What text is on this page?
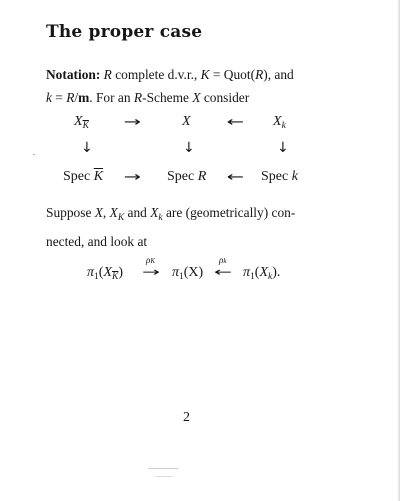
The proper case

Notation: R complete d.v.r., K = Quot(R), and
k = R/m. For an R-Scheme X consider

$X_{\overline{K}}$	→	X	← $X_k$
↓	↓	↓
Spec $\overline{K}$ → Spec R ← Spec k

Suppose X, $X_K$ and $X_k$ are (geometrically) con-
nected, and look at

$\pi_1(X_{\overline{K}})$
ρK
→ $\pi_1(X)$
ρk
← $\pi_1(X_k)$.
2
